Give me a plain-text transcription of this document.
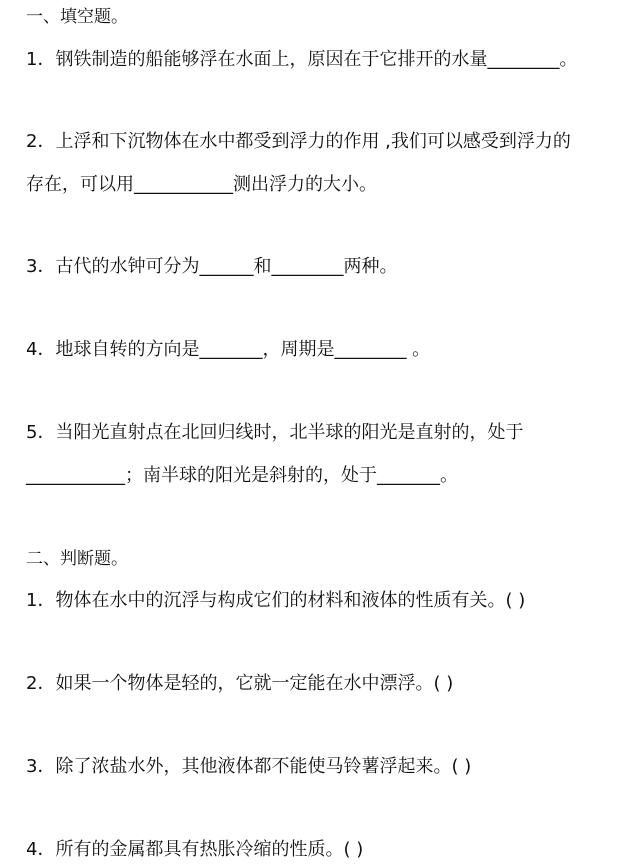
一、填空题。
1．钢铁制造的船能够浮在水面上，原因在于它排开的水量________。
2．上浮和下沉物体在水中都受到浮力的作用 ,我们可以感受到浮力的
存在，可以用___________测出浮力的大小。
3．古代的水钟可分为______和________两种。
4．地球自转的方向是_______，周期是________ 。
5．当阳光直射点在北回归线时，北半球的阳光是直射的，处于
___________；南半球的阳光是斜射的，处于_______。
二、判断题。
1．物体在水中的沉浮与构成它们的材料和液体的性质有关。( )
2．如果一个物体是轻的，它就一定能在水中漂浮。( )
3．除了浓盐水外，其他液体都不能使马铃薯浮起来。( )
4．所有的金属都具有热胀冷缩的性质。( )
